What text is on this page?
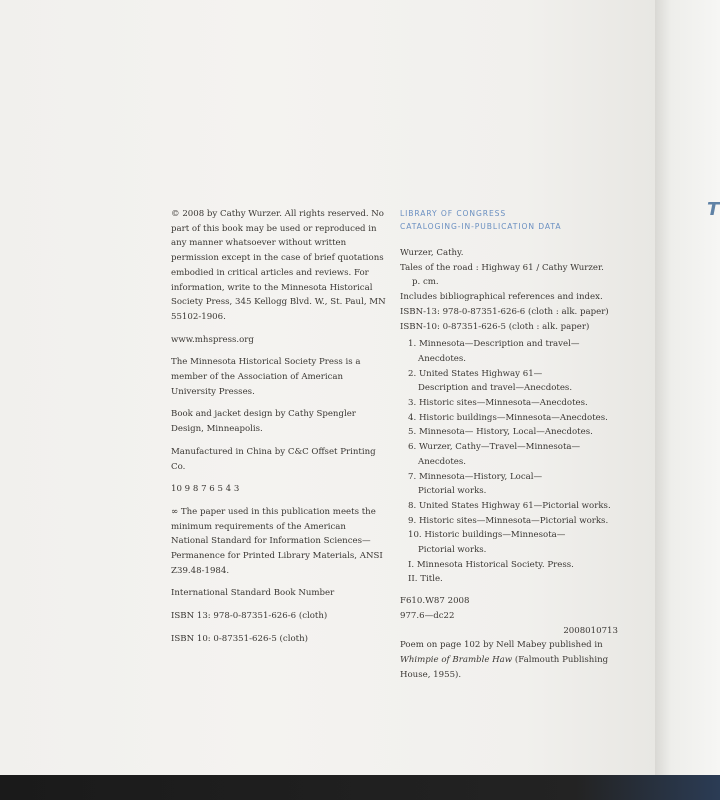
© 2008 by Cathy Wurzer. All rights reserved. No part of this book may be used or reproduced in any manner whatsoever without written permission except in the case of brief quotations embodied in critical articles and reviews. For information, write to the Minnesota Historical Society Press, 345 Kellogg Blvd. W., St. Paul, MN 55102-1906.

www.mhspress.org

The Minnesota Historical Society Press is a member of the Association of American University Presses.

Book and jacket design by Cathy Spengler Design, Minneapolis.

Manufactured in China by C&C Offset Printing Co.

10 9 8 7 6 5 4 3

∞ The paper used in this publication meets the minimum requirements of the American National Standard for Information Sciences—Permanence for Printed Library Materials, ANSI Z39.48-1984.

International Standard Book Number

ISBN 13: 978-0-87351-626-6 (cloth)

ISBN 10: 0-87351-626-5 (cloth)

LIBRARY OF CONGRESS
CATALOGING-IN-PUBLICATION DATA

Wurzer, Cathy.

Tales of the road : Highway 61 / Cathy Wurzer.

p. cm.

Includes bibliographical references and index.

ISBN-13: 978-0-87351-626-6 (cloth : alk. paper)

ISBN-10: 0-87351-626-5 (cloth : alk. paper)

1. Minnesota—Description and travel—
Anecdotes.
2. United States Highway 61—
Description and travel—Anecdotes.
3. Historic sites—Minnesota—Anecdotes.
4. Historic buildings—Minnesota—Anecdotes.
5. Minnesota— History, Local—Anecdotes.
6. Wurzer, Cathy—Travel—Minnesota—
Anecdotes.
7. Minnesota—History, Local—
Pictorial works.
8. United States Highway 61—Pictorial works.
9. Historic sites—Minnesota—Pictorial works.
10. Historic buildings—Minnesota—
Pictorial works.
I. Minnesota Historical Society. Press.
II. Title.

F610.W87 2008

977.6—dc22

2008010713

Poem on page 102 by Nell Mabey published in Whimpie of Bramble Haw (Falmouth Publishing House, 1955).

T
